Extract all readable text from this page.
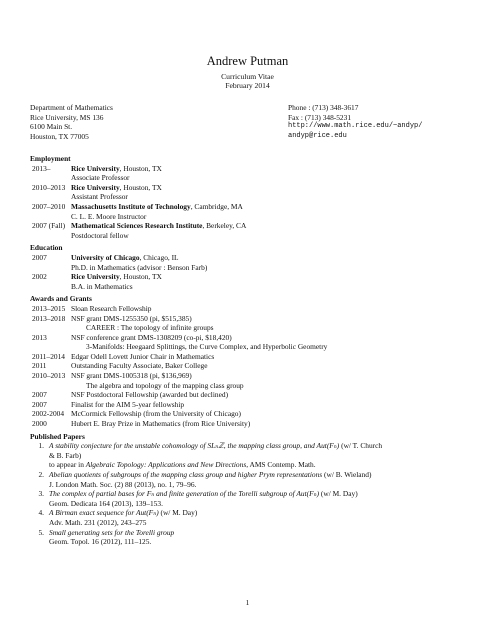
Andrew Putman
Curriculum Vitae
February 2014
Department of Mathematics
Rice University, MS 136
6100 Main St.
Houston, TX 77005
Phone : (713) 348-3617
Fax : (713) 348-5231
http://www.math.rice.edu/~andyp/
andyp@rice.edu
Employment
2013–	Rice University, Houston, TX
Associate Professor
2010–2013 Rice University, Houston, TX
Assistant Professor
2007–2010 Massachusetts Institute of Technology, Cambridge, MA
C. L. E. Moore Instructor
2007 (Fall) Mathematical Sciences Research Institute, Berkeley, CA
Postdoctoral fellow
Education
2007	University of Chicago, Chicago, IL
Ph.D. in Mathematics (advisor : Benson Farb)
2002	Rice University, Houston, TX
B.A. in Mathematics
Awards and Grants
2013–2015 Sloan Research Fellowship
2013–2018 NSF grant DMS-1255350 (pi, $515,385)
CAREER : The topology of infinite groups
2013	NSF conference grant DMS-1308209 (co-pi, $18,420)
3-Manifolds: Heegaard Splittings, the Curve Complex, and Hyperbolic Geometry
2011–2014 Edgar Odell Lovett Junior Chair in Mathematics
2011	Outstanding Faculty Associate, Baker College
2010–2013 NSF grant DMS-1005318 (pi, $136,969)
The algebra and topology of the mapping class group
2007	NSF Postdoctoral Fellowship (awarded but declined)
2007	Finalist for the AIM 5-year fellowship
2002-2004 McCormick Fellowship (from the University of Chicago)
2000	Hubert E. Bray Prize in Mathematics (from Rice University)
Published Papers
1. A stability conjecture for the unstable cohomology of SLₙℤ, the mapping class group, and Aut(Fₙ) (w/ T. Church & B. Farb)
to appear in Algebraic Topology: Applications and New Directions, AMS Contemp. Math.
2. Abelian quotients of subgroups of the mapping class group and higher Prym representations (w/ B. Wieland)
J. London Math. Soc. (2) 88 (2013), no. 1, 79–96.
3. The complex of partial bases for Fₙ and finite generation of the Torelli subgroup of Aut(Fₙ) (w/ M. Day)
Geom. Dedicata 164 (2013), 139–153.
4. A Birman exact sequence for Aut(Fₙ) (w/ M. Day)
Adv. Math. 231 (2012), 243–275
5. Small generating sets for the Torelli group
Geom. Topol. 16 (2012), 111–125.
1
